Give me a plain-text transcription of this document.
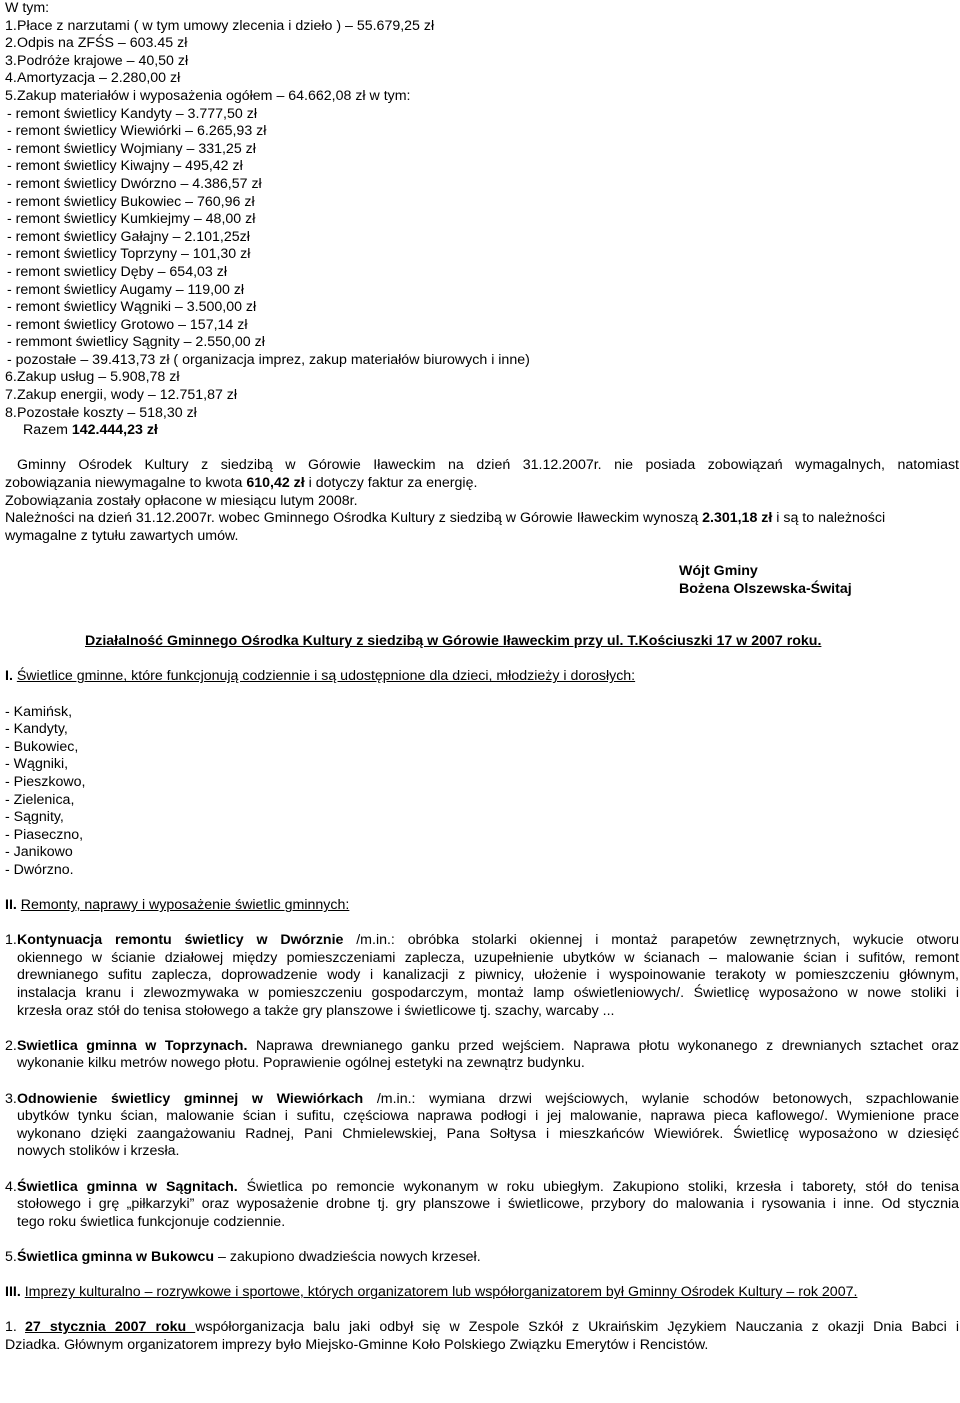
W tym:
1.Płace z narzutami ( w tym umowy zlecenia i dzieło ) – 55.679,25 zł
2.Odpis na ZFŚS – 603.45 zł
3.Podróże krajowe – 40,50 zł
4.Amortyzacja – 2.280,00 zł
5.Zakup materiałów i wyposażenia ogółem – 64.662,08 zł w tym:
- remont świetlicy Kandyty – 3.777,50 zł
- remont świetlicy Wiewiórki – 6.265,93 zł
- remont świetlicy Wojmiany – 331,25 zł
- remont świetlicy Kiwajny – 495,42 zł
- remont świetlicy Dwórzno – 4.386,57 zł
- remont świetlicy Bukowiec – 760,96 zł
- remont świetlicy Kumkiejmy – 48,00 zł
- remont świetlicy Gałajny – 2.101,25zł
- remont świetlicy Toprzyny – 101,30 zł
- remont swietlicy Dęby – 654,03 zł
- remont świetlicy Augamy – 119,00 zł
- remont świetlicy Wągniki – 3.500,00 zł
- remont świetlicy Grotowo – 157,14 zł
- remmont świetlicy Sągnity – 2.550,00 zł
- pozostałe – 39.413,73 zł ( organizacja imprez, zakup materiałów biurowych i inne)
6.Zakup usług – 5.908,78 zł
7.Zakup energii, wody – 12.751,87 zł
8.Pozostałe koszty – 518,30 zł
Razem 142.444,23 zł
Gminny Ośrodek Kultury z siedzibą w Górowie Iławeckim na dzień 31.12.2007r. nie posiada zobowiązań wymagalnych, natomiast
zobowiązania niewymagalne to kwota 610,42 zł i dotyczy faktur za energię.
Zobowiązania zostały opłacone w miesiącu lutym 2008r.
Należności na dzień 31.12.2007r. wobec Gminnego Ośrodka Kultury z siedzibą w Górowie Iławeckim wynoszą 2.301,18 zł i są to należności
wymagalne z tytułu zawartych umów.
Wójt Gminy
Bożena Olszewska-Świtaj
Działalność Gminnego Ośrodka Kultury z siedzibą w Górowie Iławeckim przy ul. T.Kościuszki 17 w 2007 roku.
I. Świetlice gminne, które funkcjonują codziennie i są udostępnione dla dzieci, młodzieży i dorosłych:
- Kamińsk,
- Kandyty,
- Bukowiec,
- Wągniki,
- Pieszkowo,
- Zielenica,
- Sągnity,
- Piaseczno,
- Janikowo
- Dwórzno.
II. Remonty, naprawy i wyposażenie świetlic gminnych:
1.Kontynuacja remontu świetlicy w Dwórznie /m.in.: obróbka stolarki okiennej i montaż parapetów zewnętrznych, wykucie otworu
okiennego w ścianie działowej między pomieszczeniami zaplecza, uzupełnienie ubytków w ścianach – malowanie ścian i sufitów, remont
drewnianego sufitu zaplecza, doprowadzenie wody i kanalizacji z piwnicy, ułożenie i wyspoinowanie terakoty w pomieszczeniu głównym,
instalacja kranu i zlewozmywaka w pomieszczeniu gospodarczym, montaż lamp oświetleniowych/. Świetlicę wyposażono w nowe stoliki i
krzesła oraz stół do tenisa stołowego a także gry planszowe i świetlicowe tj. szachy, warcaby ...
2.Swietlica gminna w Toprzynach. Naprawa drewnianego ganku przed wejściem. Naprawa płotu wykonanego z drewnianych sztachet oraz
wykonanie kilku metrów nowego płotu. Poprawienie ogólnej estetyki na zewnątrz budynku.
3.Odnowienie świetlicy gminnej w Wiewiórkach /m.in.: wymiana drzwi wejściowych, wylanie schodów betonowych, szpachlowanie
ubytków tynku ścian, malowanie ścian i sufitu, częściowa naprawa podłogi i jej malowanie, naprawa pieca kaflowego/. Wymienione prace
wykonano dzięki zaangażowaniu Radnej, Pani Chmielewskiej, Pana Sołtysa i mieszkańców Wiewiórek. Świetlicę wyposażono w dziesięć
nowych stolików i krzesła.
4.Świetlica gminna w Sągnitach. Świetlica po remoncie wykonanym w roku ubiegłym. Zakupiono stoliki, krzesła i taborety, stół do tenisa
stołowego i grę „piłkarzyki” oraz wyposażenie drobne tj. gry planszowe i świetlicowe, przybory do malowania i rysowania i inne. Od stycznia
tego roku świetlica funkcjonuje codziennie.
5.Świetlica gminna w Bukowcu – zakupiono dwadzieścia nowych krzeseł.
III. Imprezy kulturalno – rozrywkowe i sportowe, których organizatorem lub współorganizatorem był Gminny Ośrodek Kultury – rok 2007.
1. 27 stycznia 2007 roku współorganizacja balu jaki odbył się w Zespole Szkół z Ukraińskim Językiem Nauczania z okazji Dnia Babci i
Dziadka. Głównym organizatorem imprezy było Miejsko-Gminne Koło Polskiego Związku Emerytów i Rencistów.
